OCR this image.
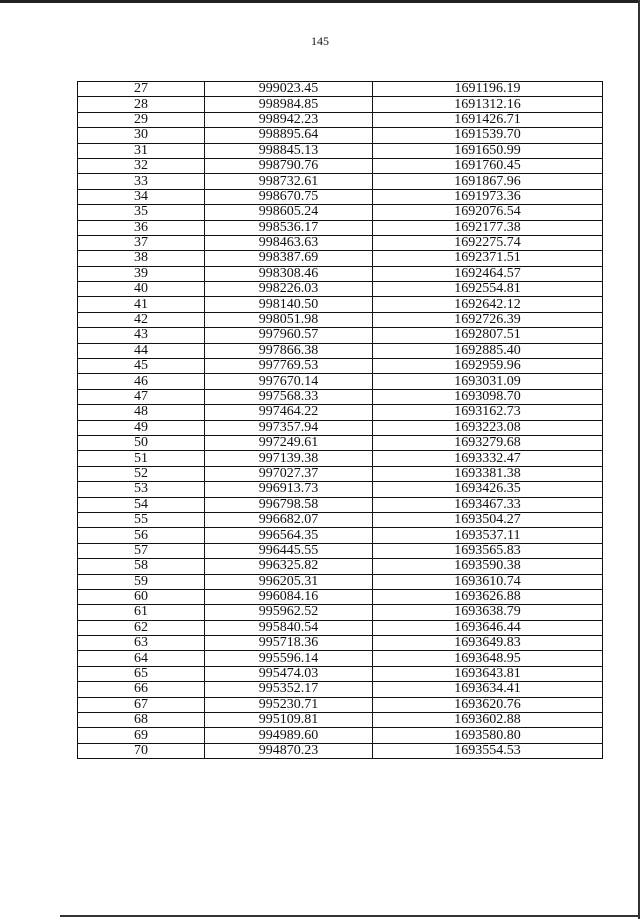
145
27	999023.45	1691196.19
28	998984.85	1691312.16
29	998942.23	1691426.71
30	998895.64	1691539.70
31	998845.13	1691650.99
32	998790.76	1691760.45
33	998732.61	1691867.96
34	998670.75	1691973.36
35	998605.24	1692076.54
36	998536.17	1692177.38
37	998463.63	1692275.74
38	998387.69	1692371.51
39	998308.46	1692464.57
40	998226.03	1692554.81
41	998140.50	1692642.12
42	998051.98	1692726.39
43	997960.57	1692807.51
44	997866.38	1692885.40
45	997769.53	1692959.96
46	997670.14	1693031.09
47	997568.33	1693098.70
48	997464.22	1693162.73
49	997357.94	1693223.08
50	997249.61	1693279.68
51	997139.38	1693332.47
52	997027.37	1693381.38
53	996913.73	1693426.35
54	996798.58	1693467.33
55	996682.07	1693504.27
56	996564.35	1693537.11
57	996445.55	1693565.83
58	996325.82	1693590.38
59	996205.31	1693610.74
60	996084.16	1693626.88
61	995962.52	1693638.79
62	995840.54	1693646.44
63	995718.36	1693649.83
64	995596.14	1693648.95
65	995474.03	1693643.81
66	995352.17	1693634.41
67	995230.71	1693620.76
68	995109.81	1693602.88
69	994989.60	1693580.80
70	994870.23	1693554.53
